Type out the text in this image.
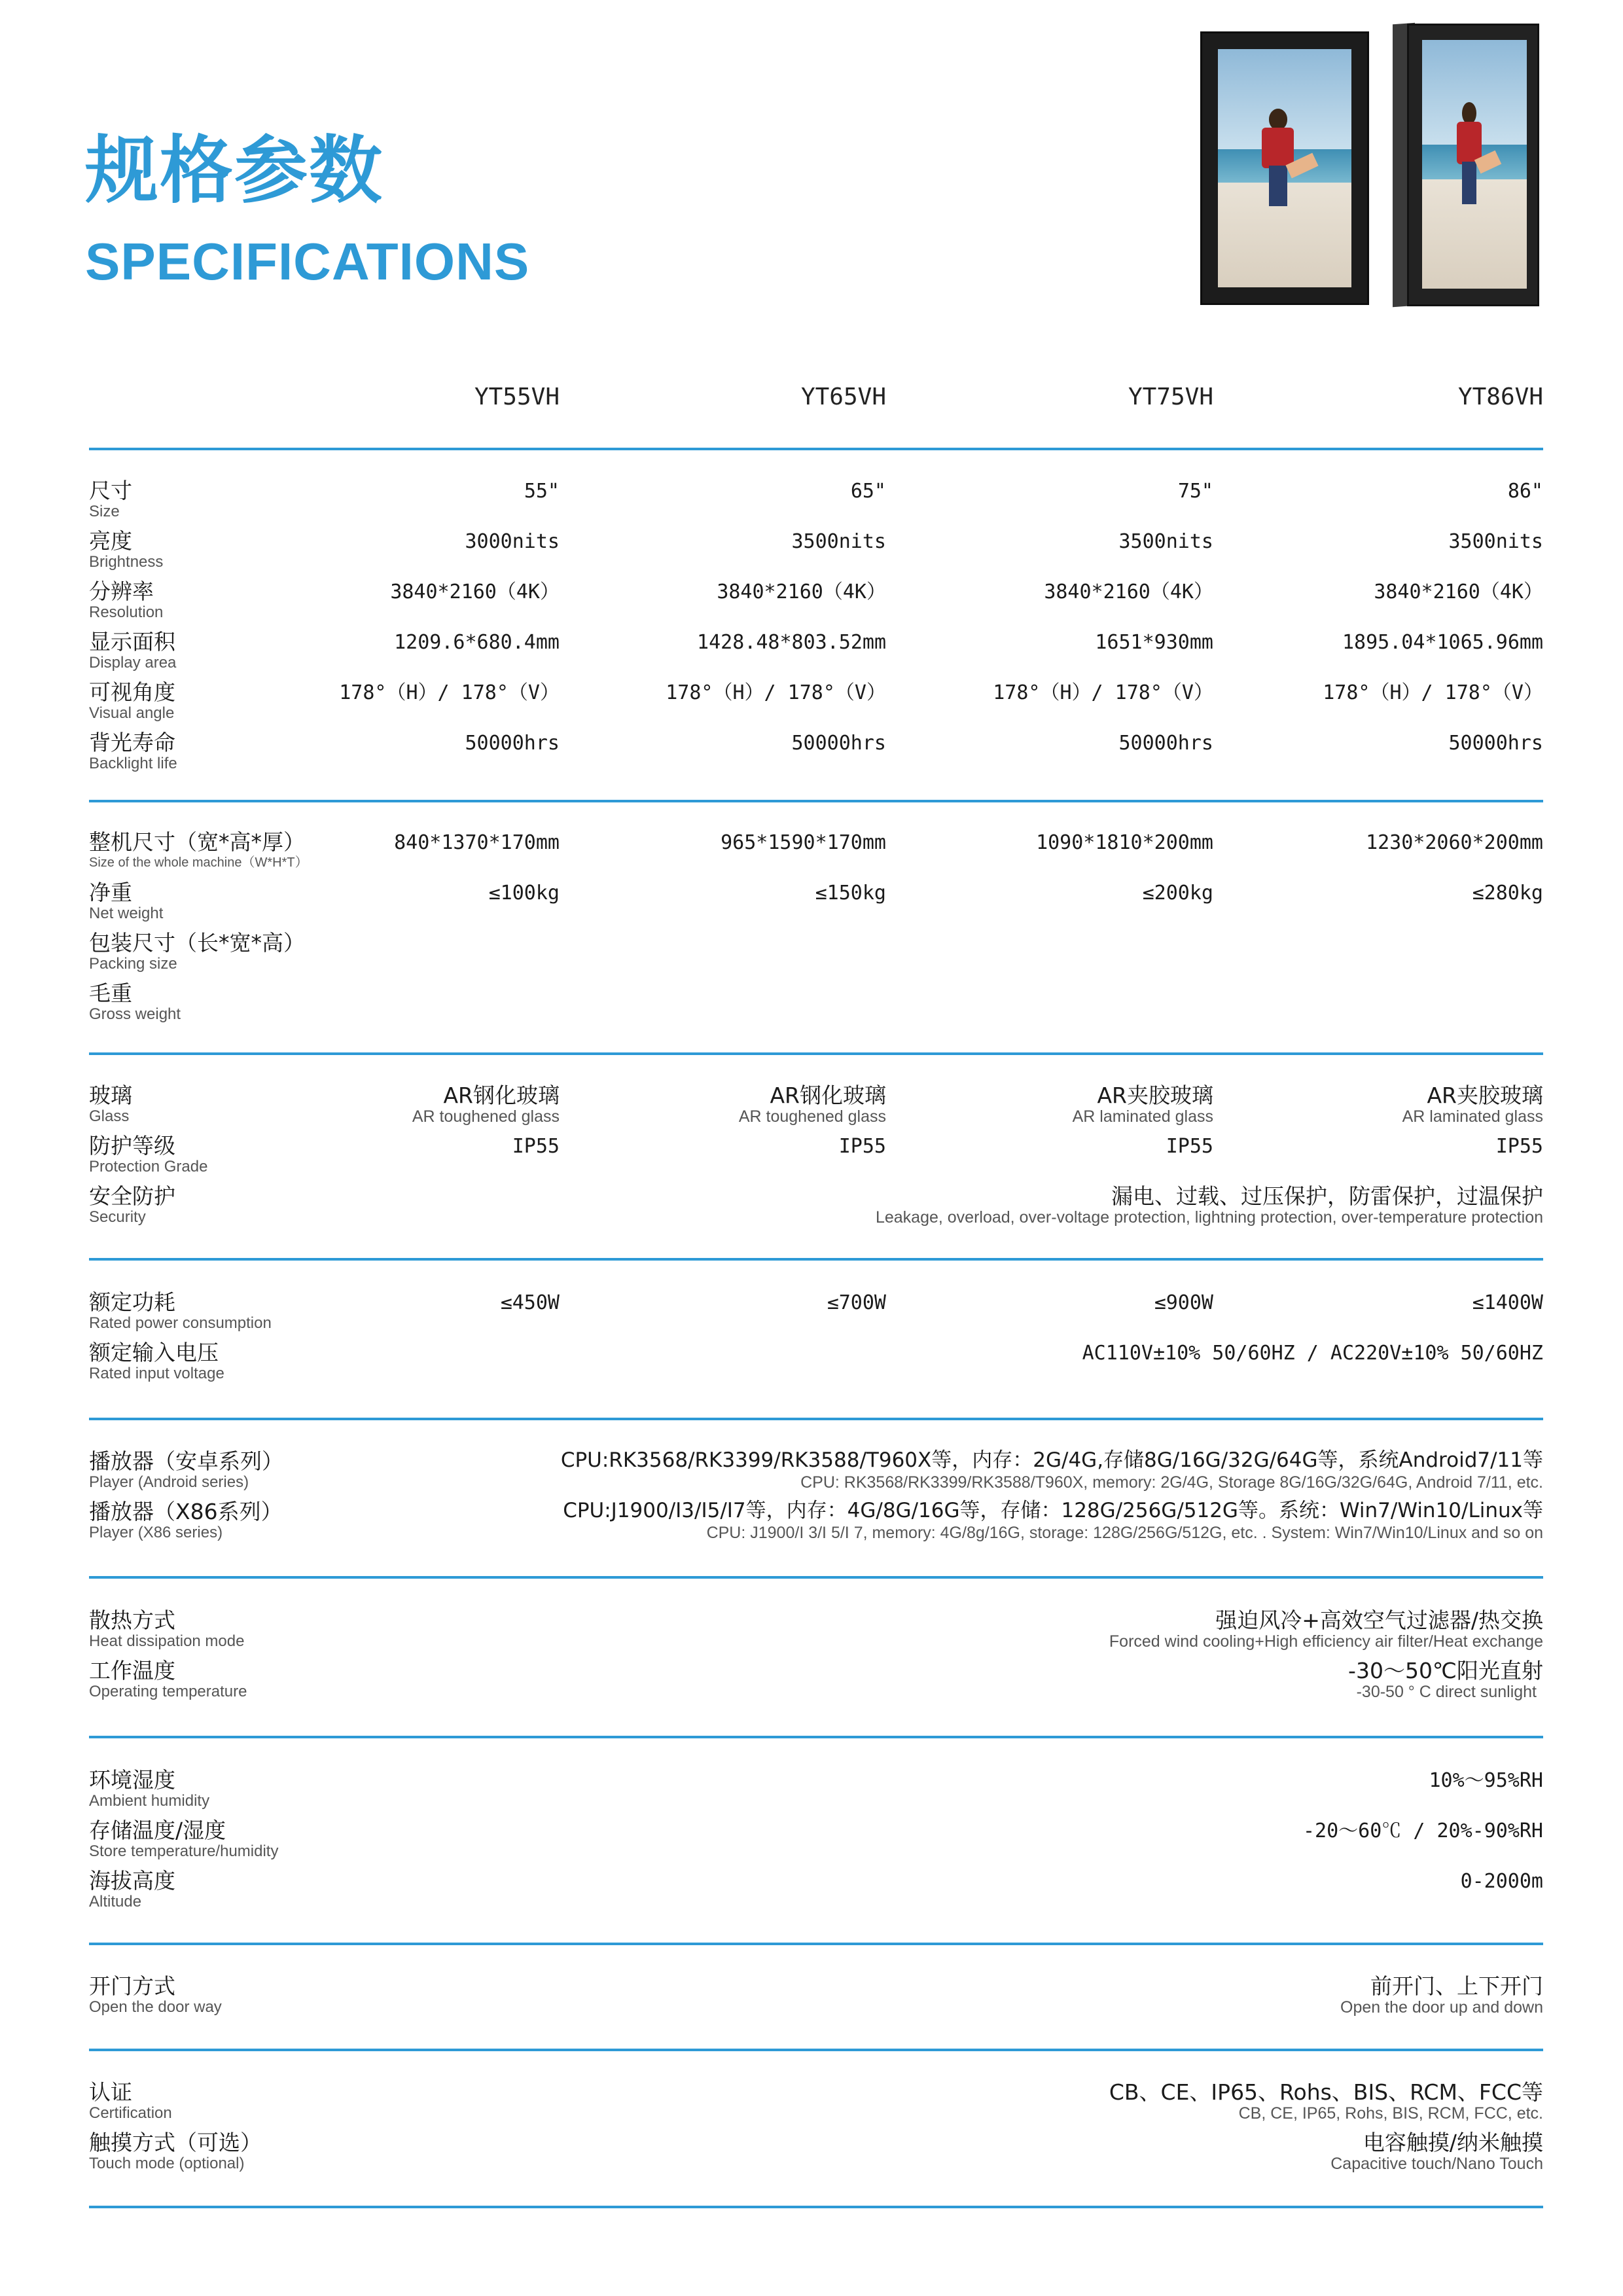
规格参数
SPECIFICATIONS
YT55VH	YT65VH	YT75VH	YT86VH
尺寸
Size
55"	65"	75"	86"
亮度
Brightness
3000nits	3500nits	3500nits	3500nits
分辨率
Resolution
3840*2160（4K）	3840*2160（4K）	3840*2160（4K）	3840*2160（4K）
显示面积
Display area
1209.6*680.4mm	1428.48*803.52mm	1651*930mm	1895.04*1065.96mm
可视角度
Visual angle
178°（H）/ 178°（V）	178°（H）/ 178°（V）	178°（H）/ 178°（V）	178°（H）/ 178°（V）
背光寿命
Backlight life
50000hrs	50000hrs	50000hrs	50000hrs
整机尺寸（宽*高*厚）
Size of the whole machine（W*H*T）
840*1370*170mm	965*1590*170mm	1090*1810*200mm	1230*2060*200mm
净重
Net weight
≤100kg	≤150kg	≤200kg	≤280kg
包装尺寸（长*宽*高）
Packing size
毛重
Gross weight
玻璃
Glass
AR钢化玻璃	AR钢化玻璃	AR夹胶玻璃	AR夹胶玻璃
AR toughened glass	AR toughened glass	AR laminated glass	AR laminated glass
防护等级
Protection Grade
IP55	IP55	IP55	IP55
安全防护
Security
漏电、过载、过压保护，防雷保护，过温保护
Leakage, overload, over-voltage protection, lightning protection, over-temperature protection
额定功耗
Rated power consumption
≤450W	≤700W	≤900W	≤1400W
额定输入电压
Rated input voltage
AC110V±10% 50/60HZ / AC220V±10% 50/60HZ
播放器（安卓系列）
Player (Android series)
CPU:RK3568/RK3399/RK3588/T960X等，内存：2G/4G,存储8G/16G/32G/64G等，系统Android7/11等
CPU: RK3568/RK3399/RK3588/T960X, memory: 2G/4G, Storage 8G/16G/32G/64G, Android 7/11, etc.
播放器（X86系列）
Player (X86 series)
CPU:J1900/I3/I5/I7等，内存：4G/8G/16G等，存储：128G/256G/512G等。系统：Win7/Win10/Linux等
CPU: J1900/I 3/I 5/I 7, memory: 4G/8g/16G, storage: 128G/256G/512G, etc. . System: Win7/Win10/Linux and so on
散热方式
Heat dissipation mode
强迫风冷+高效空气过滤器/热交换
Forced wind cooling+High efficiency air filter/Heat exchange
工作温度
Operating temperature
-30～50℃阳光直射
-30-50 ° C direct sunlight
环境湿度
Ambient humidity
10%～95%RH
存储温度/湿度
Store temperature/humidity
-20～60℃ / 20%-90%RH
海拔高度
Altitude
0-2000m
开门方式
Open the door way
前开门、上下开门
Open the door up and down
认证
Certification
CB、CE、IP65、Rohs、BIS、RCM、FCC等
CB, CE, IP65, Rohs, BIS, RCM, FCC, etc.
触摸方式（可选）
Touch mode (optional)
电容触摸/纳米触摸
Capacitive touch/Nano Touch
